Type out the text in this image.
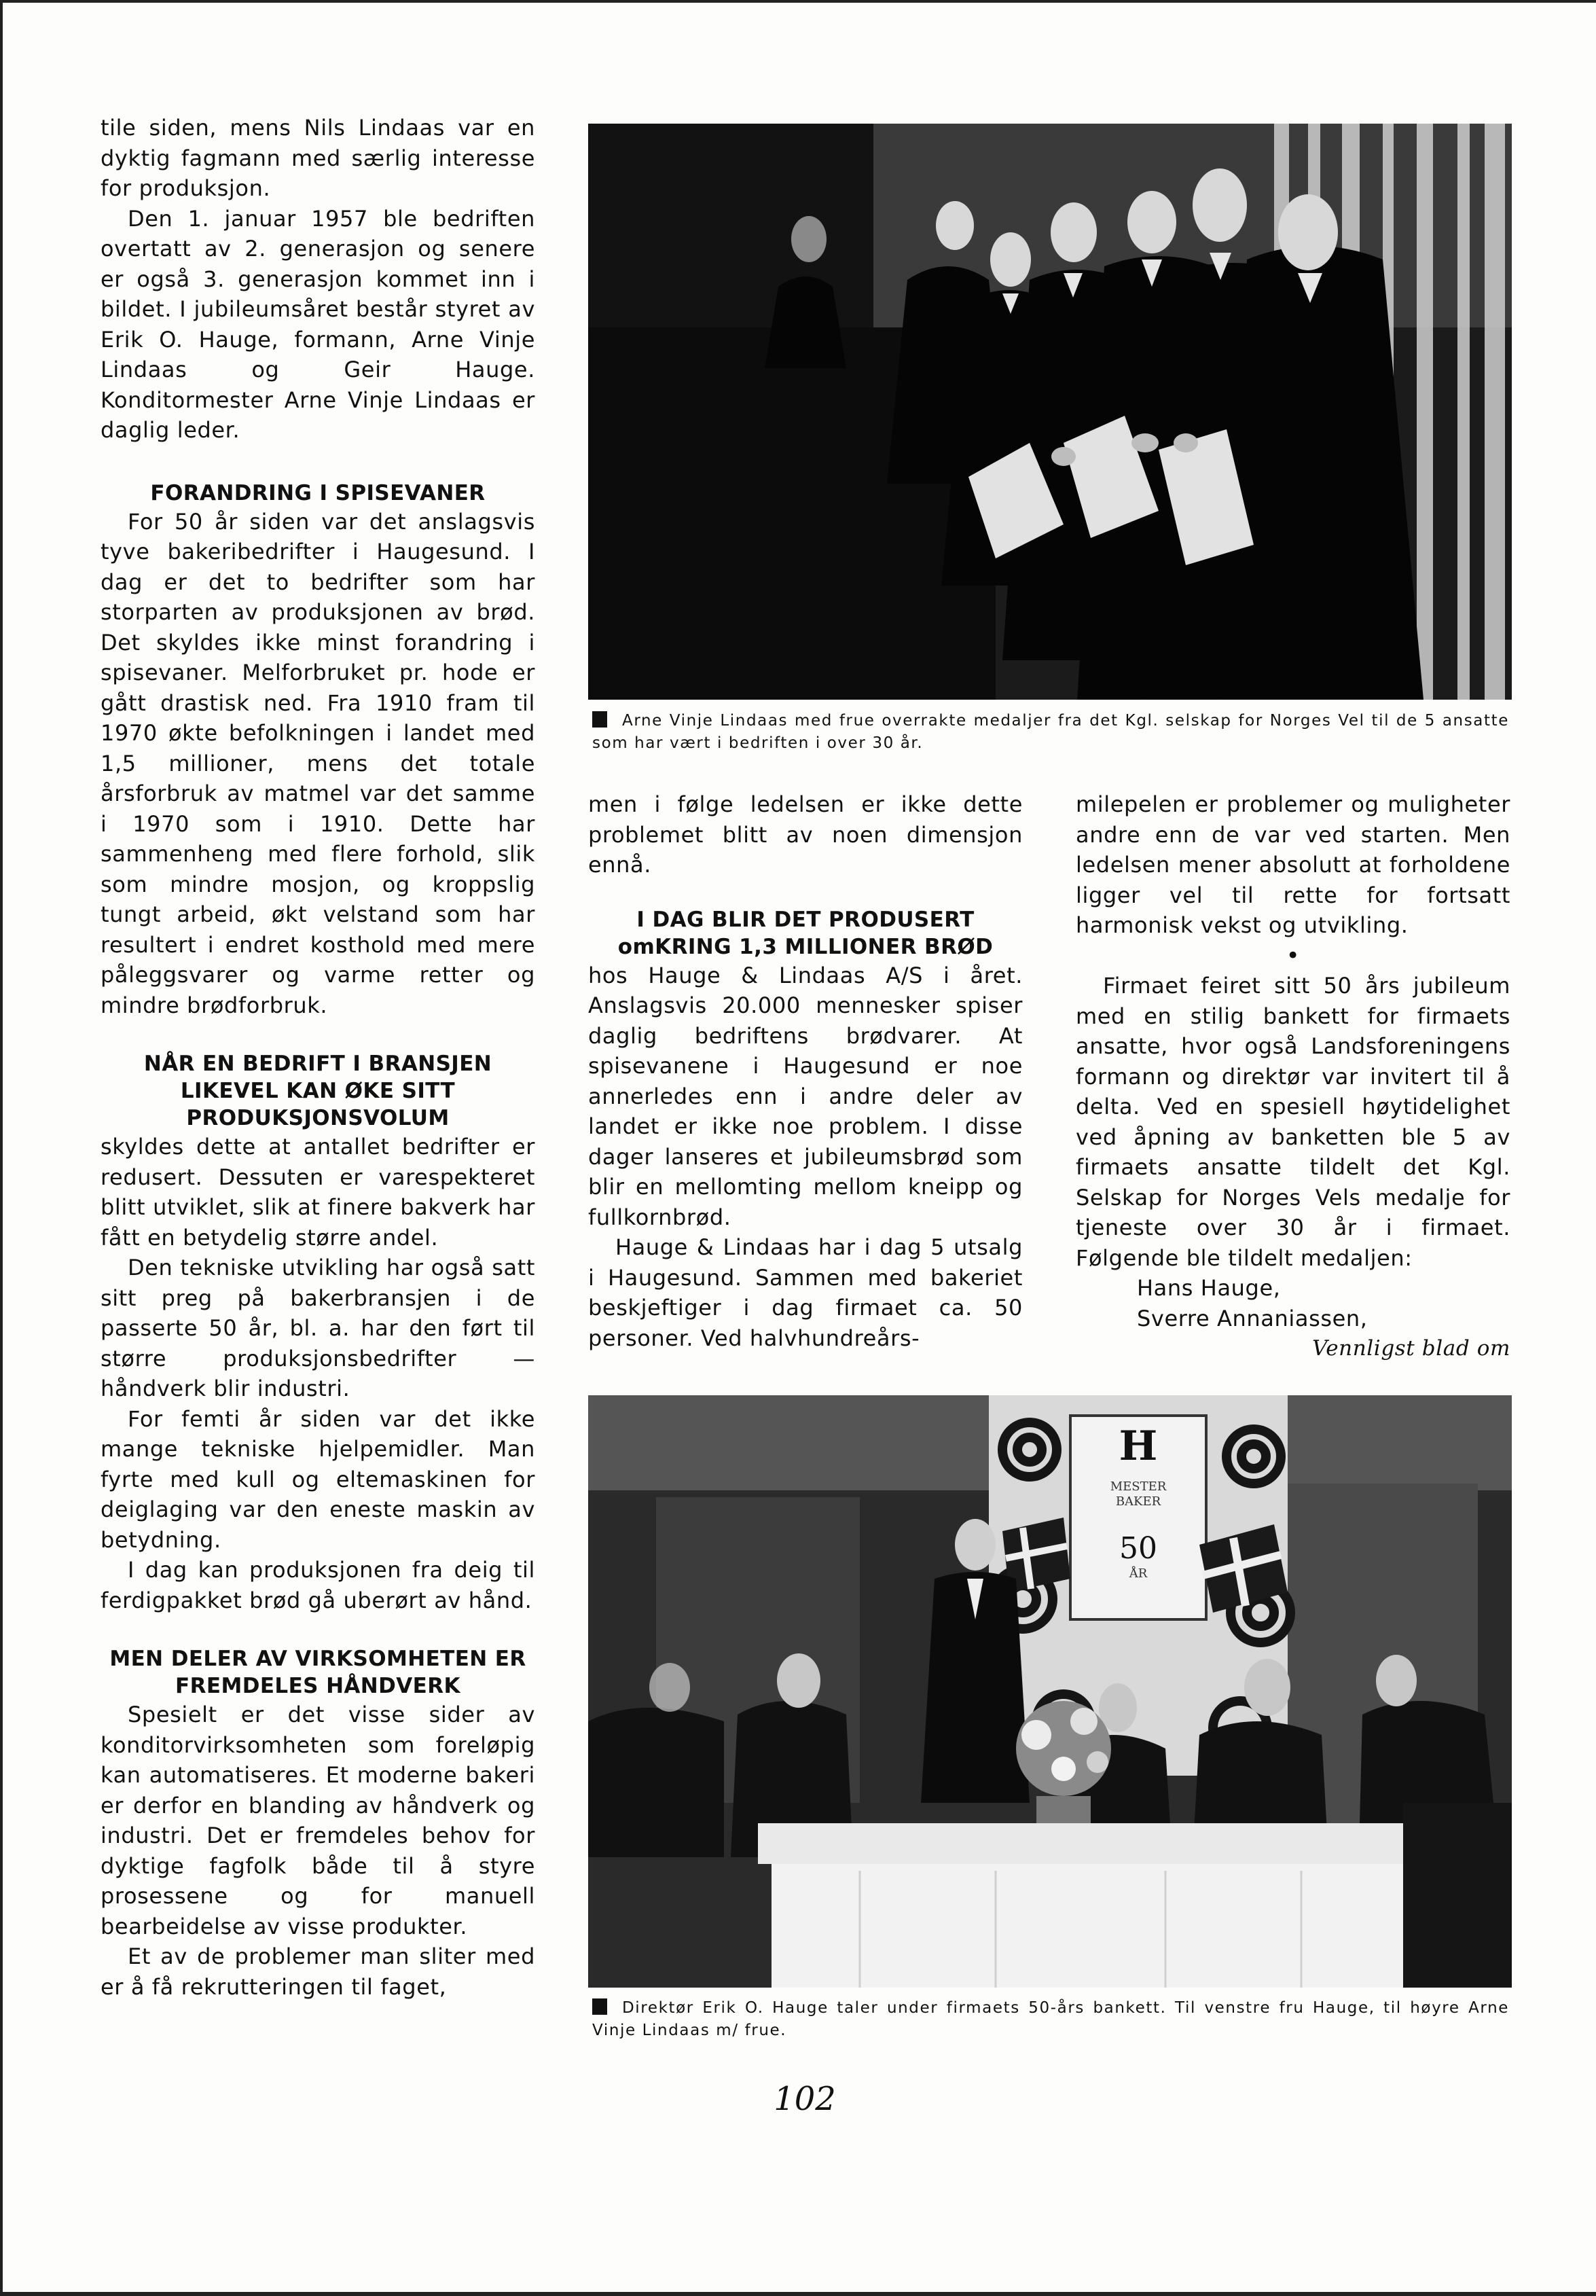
tile siden, mens Nils Lindaas var en dyktig fagmann med særlig interesse for produksjon.

Den 1. januar 1957 ble bedriften overtatt av 2. generasjon og senere er også 3. generasjon kommet inn i bildet. I jubileumsåret består styret av Erik O. Hauge, formann, Arne Vinje Lindaas og Geir Hauge. Konditormester Arne Vinje Lindaas er daglig leder.

FORANDRING I SPISEVANER

For 50 år siden var det anslagsvis tyve bakeribedrifter i Haugesund. I dag er det to bedrifter som har storparten av produksjonen av brød. Det skyldes ikke minst forandring i spisevaner. Melforbruket pr. hode er gått drastisk ned. Fra 1910 fram til 1970 økte befolkningen i landet med 1,5 millioner, mens det totale årsforbruk av matmel var det samme i 1970 som i 1910. Dette har sammenheng med flere forhold, slik som mindre mosjon, og kroppslig tungt arbeid, økt velstand som har resultert i endret kosthold med mere påleggsvarer og varme retter og mindre brødforbruk.

NÅR EN BEDRIFT I BRANSJEN LIKEVEL KAN ØKE SITT PRODUKSJONSVOLUM

skyldes dette at antallet bedrifter er redusert. Dessuten er varespekteret blitt utviklet, slik at finere bakverk har fått en betydelig større andel.

Den tekniske utvikling har også satt sitt preg på bakerbransjen i de passerte 50 år, bl. a. har den ført til større produksjonsbedrifter — håndverk blir industri.

For femti år siden var det ikke mange tekniske hjelpemidler. Man fyrte med kull og eltemaskinen for deiglaging var den eneste maskin av betydning.

I dag kan produksjonen fra deig til ferdigpakket brød gå uberørt av hånd.

MEN DELER AV VIRKSOMHETEN ER FREMDELES HÅNDVERK

Spesielt er det visse sider av konditorvirksomheten som foreløpig kan automatiseres. Et moderne bakeri er derfor en blanding av håndverk og industri. Det er fremdeles behov for dyktige fagfolk både til å styre prosessene og for manuell bearbeidelse av visse produkter.

Et av de problemer man sliter med er å få rekrutteringen til faget,

Arne Vinje Lindaas med frue overrakte medaljer fra det Kgl. selskap for Norges Vel til de 5 ansatte som har vært i bedriften i over 30 år.

men i følge ledelsen er ikke dette problemet blitt av noen dimensjon ennå.

I DAG BLIR DET PRODUSERT omKRING 1,3 MILLIONER BRØD

hos Hauge & Lindaas A/S i året. Anslagsvis 20.000 mennesker spiser daglig bedriftens brødvarer. At spisevanene i Haugesund er noe annerledes enn i andre deler av landet er ikke noe problem. I disse dager lanseres et jubileumsbrød som blir en mellomting mellom kneipp og fullkornbrød.

Hauge & Lindaas har i dag 5 utsalg i Haugesund. Sammen med bakeriet beskjeftiger i dag firmaet ca. 50 personer. Ved halvhundreårs-

milepelen er problemer og muligheter andre enn de var ved starten. Men ledelsen mener absolutt at forholdene ligger vel til rette for fortsatt harmonisk vekst og utvikling.

•

Firmaet feiret sitt 50 års jubileum med en stilig bankett for firmaets ansatte, hvor også Landsforeningens formann og direktør var invitert til å delta. Ved en spesiell høytidelighet ved åpning av banketten ble 5 av firmaets ansatte tildelt det Kgl. Selskap for Norges Vels medalje for tjeneste over 30 år i firmaet. Følgende ble tildelt medaljen:

Hans Hauge,

Sverre Annaniassen,

Vennligst blad om

H
MESTER
BAKER
50
ÅR
Direktør Erik O. Hauge taler under firmaets 50-års bankett. Til venstre fru Hauge, til høyre Arne Vinje Lindaas m/ frue.
102
